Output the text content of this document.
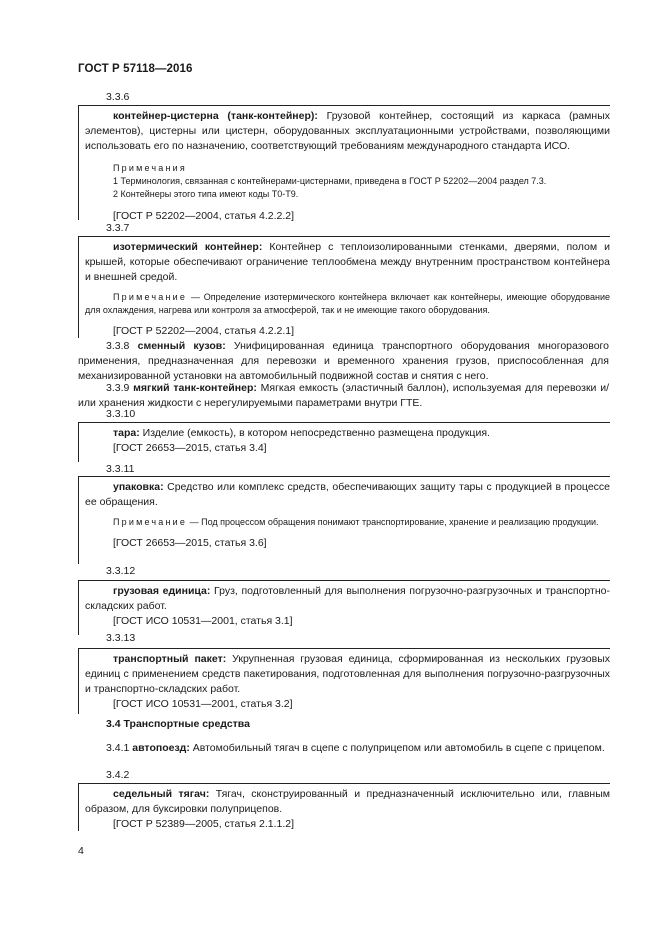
ГОСТ Р 57118—2016
3.3.6

контейнер-цистерна (танк-контейнер): Грузовой контейнер, состоящий из каркаса (рамных элементов), цистерны или цистерн, оборудованных эксплуатационными устройствами, позволяющими использовать его по назначению, соответствующий требованиям международного стандарта ИСО.

Примечания

1 Терминология, связанная с контейнерами-цистернами, приведена в ГОСТ Р 52202—2004 раздел 7.3.

2 Контейнеры этого типа имеют коды Т0-Т9.

[ГОСТ Р 52202—2004, статья 4.2.2.2]

3.3.7

изотермический контейнер: Контейнер с теплоизолированными стенками, дверями, полом и крышей, которые обеспечивают ограничение теплообмена между внутренним пространством контейнера и внешней средой.

Примечание — Определение изотермического контейнера включает как контейнеры, имеющие оборудование для охлаждения, нагрева или контроля за атмосферой, так и не имеющие такого оборудования.

[ГОСТ Р 52202—2004, статья 4.2.2.1]

3.3.8 сменный кузов: Унифицированная единица транспортного оборудования многоразового применения, предназначенная для перевозки и временного хранения грузов, приспособленная для механизированной установки на автомобильный подвижной состав и снятия с него.

3.3.9 мягкий танк-контейнер: Мягкая емкость (эластичный баллон), используемая для перевозки и/или хранения жидкости с нерегулируемыми параметрами внутри ГТЕ.

3.3.10

тара: Изделие (емкость), в котором непосредственно размещена продукция.

[ГОСТ 26653—2015, статья 3.4]

3.3.11

упаковка: Средство или комплекс средств, обеспечивающих защиту тары с продукцией в процессе ее обращения.

Примечание — Под процессом обращения понимают транспортирование, хранение и реализацию продукции.

[ГОСТ 26653—2015, статья 3.6]

3.3.12

грузовая единица: Груз, подготовленный для выполнения погрузочно-разгрузочных и транспортно-складских работ.

[ГОСТ ИСО 10531—2001, статья 3.1]

3.3.13

транспортный пакет: Укрупненная грузовая единица, сформированная из нескольких грузовых единиц с применением средств пакетирования, подготовленная для выполнения погрузочно-разгрузочных и транспортно-складских работ.

[ГОСТ ИСО 10531—2001, статья 3.2]

3.4 Транспортные средства

3.4.1 автопоезд: Автомобильный тягач в сцепе с полуприцепом или автомобиль в сцепе с прицепом.

3.4.2

седельный тягач: Тягач, сконструированный и предназначенный исключительно или, главным образом, для буксировки полуприцепов.

[ГОСТ Р 52389—2005, статья 2.1.1.2]

4
